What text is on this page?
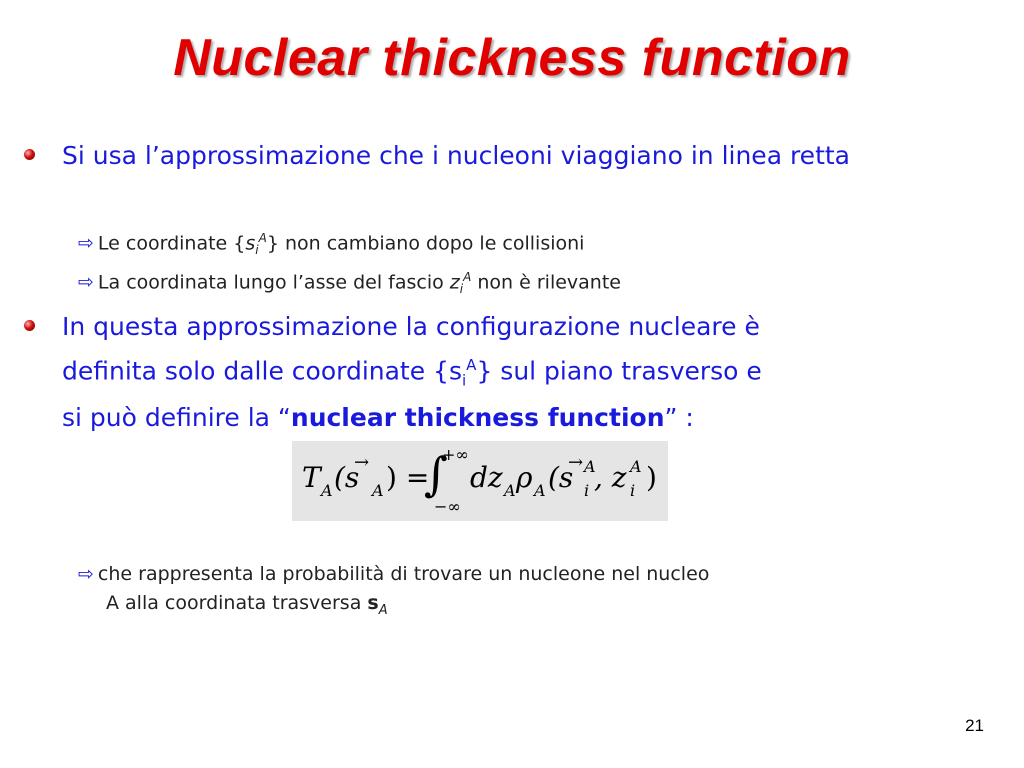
Nuclear thickness function
Si usa l’approssimazione che i nucleoni viaggiano in linea retta
⇨ Le coordinate $\{s_i^A\}$ non cambiano dopo le collisioni
⇨ La coordinata lungo l’asse del fascio $z_i^A$ non è rilevante
In questa approssimazione la configurazione nucleare è
definita solo dalle coordinate $\{s_i^A\}$ sul piano trasverso e
si può definire la “nuclear thickness function” :
T A (s
→
A ) =
∫
+∞
−∞
dz A ρ A (s
→ A
i , z A
i )
⇨ che rappresenta la probabilità di trovare un nucleone nel nucleo
A alla coordinata trasversa $s_A$
21
